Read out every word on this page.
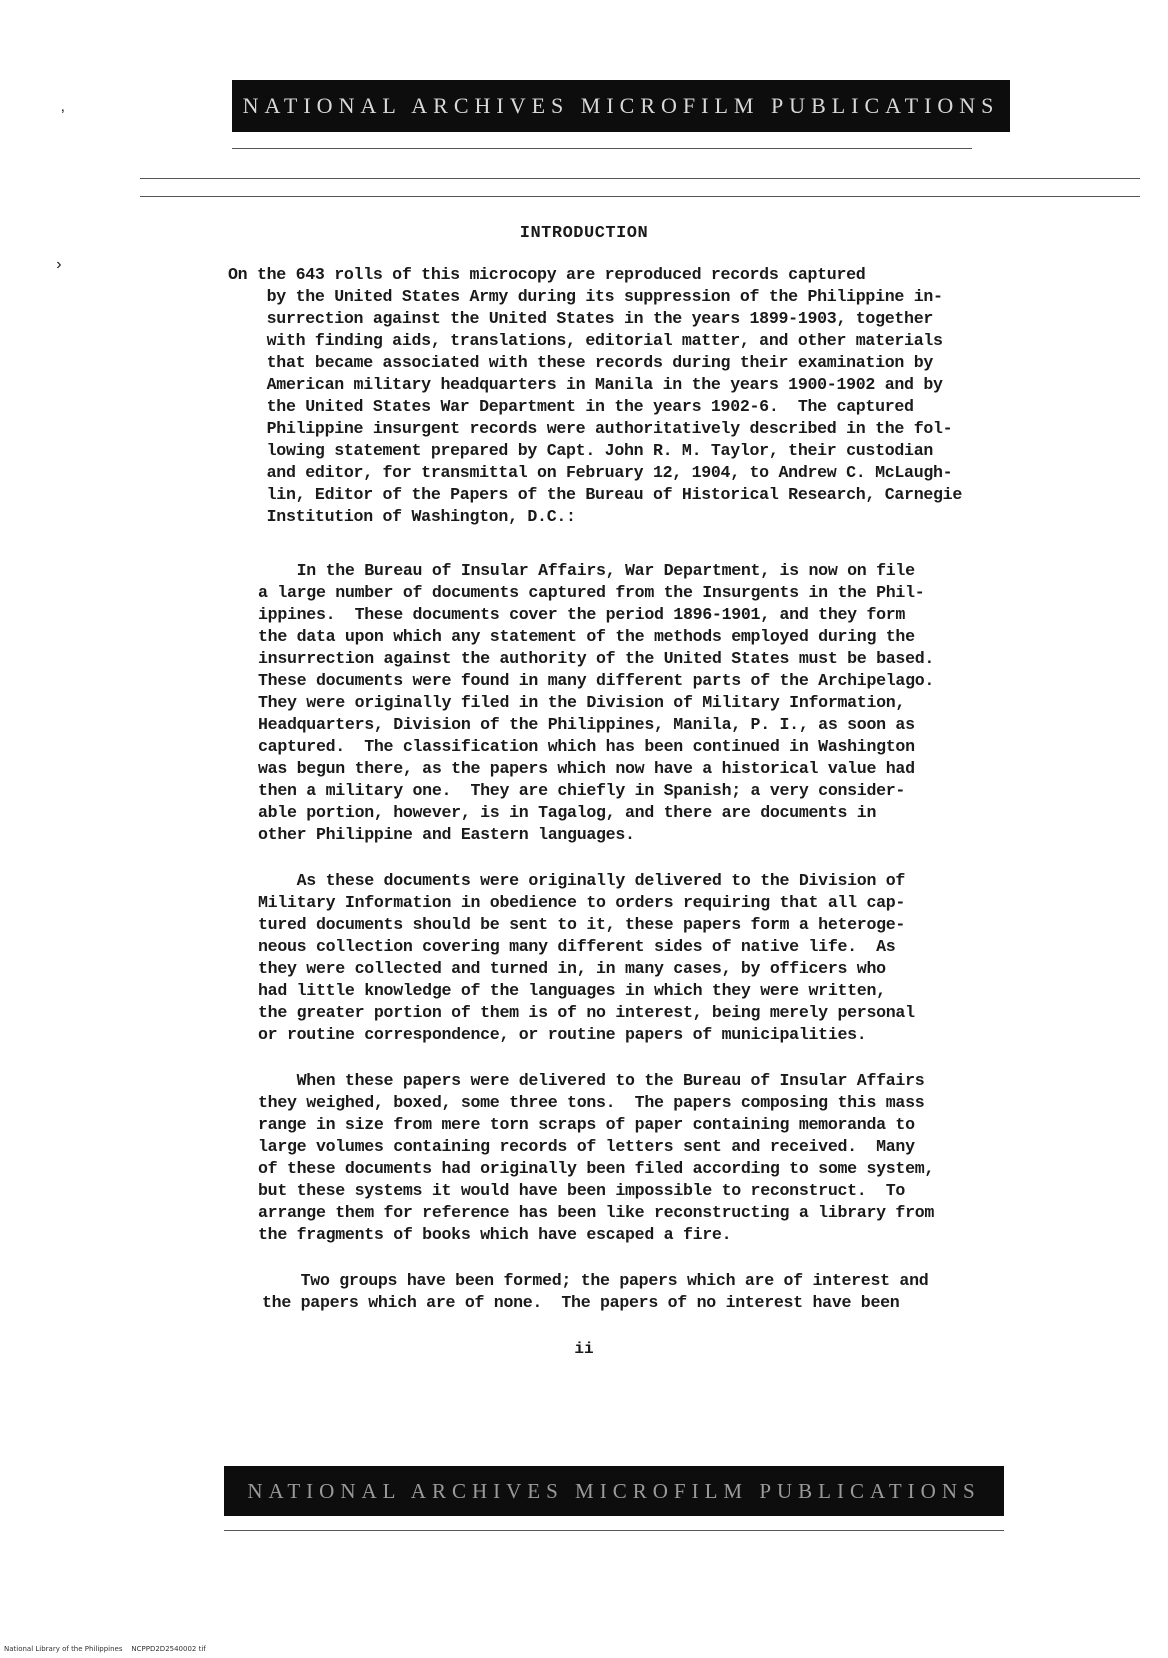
NATIONAL ARCHIVES MICROFILM PUBLICATIONS
ʼ
›
INTRODUCTION

On the 643 rolls of this microcopy are reproduced records captured
by the United States Army during its suppression of the Philippine in-
surrection against the United States in the years 1899-1903, together
with finding aids, translations, editorial matter, and other materials
that became associated with these records during their examination by
American military headquarters in Manila in the years 1900-1902 and by
the United States War Department in the years 1902-6.  The captured
Philippine insurgent records were authoritatively described in the fol-
lowing statement prepared by Capt. John R. M. Taylor, their custodian
and editor, for transmittal on February 12, 1904, to Andrew C. McLaugh-
lin, Editor of the Papers of the Bureau of Historical Research, Carnegie
Institution of Washington, D.C.:

In the Bureau of Insular Affairs, War Department, is now on file
a large number of documents captured from the Insurgents in the Phil-
ippines.  These documents cover the period 1896-1901, and they form
the data upon which any statement of the methods employed during the
insurrection against the authority of the United States must be based.
These documents were found in many different parts of the Archipelago.
They were originally filed in the Division of Military Information,
Headquarters, Division of the Philippines, Manila, P. I., as soon as
captured.  The classification which has been continued in Washington
was begun there, as the papers which now have a historical value had
then a military one.  They are chiefly in Spanish; a very consider-
able portion, however, is in Tagalog, and there are documents in
other Philippine and Eastern languages.

As these documents were originally delivered to the Division of
Military Information in obedience to orders requiring that all cap-
tured documents should be sent to it, these papers form a heteroge-
neous collection covering many different sides of native life.  As
they were collected and turned in, in many cases, by officers who
had little knowledge of the languages in which they were written,
the greater portion of them is of no interest, being merely personal
or routine correspondence, or routine papers of municipalities.

When these papers were delivered to the Bureau of Insular Affairs
they weighed, boxed, some three tons.  The papers composing this mass
range in size from mere torn scraps of paper containing memoranda to
large volumes containing records of letters sent and received.  Many
of these documents had originally been filed according to some system,
but these systems it would have been impossible to reconstruct.  To
arrange them for reference has been like reconstructing a library from
the fragments of books which have escaped a fire.

Two groups have been formed; the papers which are of interest and
the papers which are of none.  The papers of no interest have been

ii
NATIONAL ARCHIVES MICROFILM PUBLICATIONS
National Library of the Philippines    NCPPD2D2540002 tif
